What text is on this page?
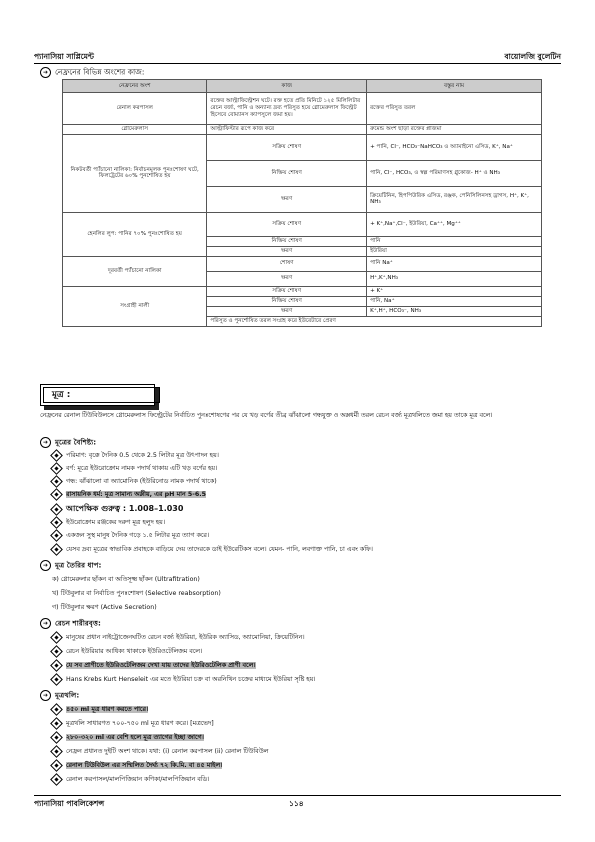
প্যানাসিয়া সাপ্লিমেন্ট	বায়োলজি বুলেটিন
➜ নেফ্রনের বিভিন্ন অংশের কাজ:
নেফ্রনের অংশ	কাজ	বস্তুর নাম
রেনাল করপাসল	রক্তের আল্ট্রাফিল্ট্রেশন ঘটে। রক্ত হতে প্রতি মিনিটে ১২৫ মিলিলিটার রেচন বর্জ্য, পানি ও অন্যান্য দ্রব্য পরিসুত হয়ে গ্লোমেরুলাস ফিল্ট্রেট হিসেবে বোম্যানস ক্যাপসুলে জমা হয়।	রক্তের পরিসুত তরল
গ্লোমেরুলাস	আল্ট্রাফিল্টার রূপে কাজ করে	রুমেন্ড অংশ ছাড়া রক্তের প্লাজমা
নিকটবর্তী প্যাঁচানো নালিকা: নির্বাচনমূলক পুনঃশোষণ ঘটে, ফিলট্রেটের ৬০% পুনশোষিত হয়	সক্রিয় শোষণ	+ পানি, Cl⁻, HCO₃⁻NaHCO₃ ও অ্যামাইনো এসিড, K⁺, Na⁺
	নিষ্ক্রিয় শোষণ	পানি, Cl⁻, HCO₃, ও স্বল্প পরিমাণসহ গ্লুকোজ- H⁺ ও NH₃
	ক্ষরণ	ক্রিয়েটিনিন, হিপপিউরিক এসিড, রঞ্জক, পেনিসিলিনসহ ড্রাগস, H⁺, K⁺, NH₃
হেনলির লুপ: পানির ৭০% পুনঃশোষিত হয়	সক্রিয় শোষণ	+ K⁺,Na⁺,Cl⁻, ইউরিয়া, Ca⁺⁺, Mg⁺⁺
	নিষ্ক্রিয় শোষণ	পানি
	ক্ষরণ	ইউরিয়া
দূরবর্তী প্যাঁচানো নালিকা	শোষণ	পানি Na⁺
	ক্ষরণ	H⁺,K⁺,NH₃
সংগ্রাহী নালী	সক্রিয় শোষণ	+ K⁺
	নিষ্ক্রিয় শোষণ	পানি, Na⁺
	ক্ষরণ	K⁺,H⁺, HCO₃⁻, NH₃
	পরিসুত ও পুনর্শোষিত তরল সংগ্রহ করে ইউরেটারে প্রেরণ	
মূত্র :
নেফ্রনের রেনাল টিউবিউলসে গ্লোমেরুলাস ফিল্ট্রেটের নির্বাচিত পুনঃশোষণের পর যে খড় বর্ণের তীব্র ঝাঁঝালো গন্ধযুক্ত ও অম্লধর্মী তরল রেচন বর্জ্য মূত্রথলিতে জমা হয় তাকে মূত্র বলে।
➜ মূত্রের বৈশিষ্ট্য:
পরিমাণ: বৃক্কে দৈনিক 0.5 থেকে 2.5 লিটার মূত্র উৎপাদন হয়।
বর্ণ: মূত্রে ইউরোক্রোম নামক পদার্থ থাকায় এটি খড় বর্ণের হয়।
গন্ধ: ঝাঁঝালো বা অ্যামোনিক (ইউরিনোড নামক পদার্থ থাকে)
রাসায়নিক ধর্ম: মূত্র সামান্য অম্লীয়, এর pH মান 5-6.5
আপেক্ষিক গুরুত্ব : 1.008–1.030
ইউরোক্রোম রঞ্জকের দরুণ মূত্র হলুদ হয়।
একজন সুস্থ মানুষ দৈনিক গড়ে ১.৫ লিটার মূত্র ত্যাগ করে।
যেসব দ্রব্য মূত্রের স্বাভাবিক প্রবাহকে বাড়িয়ে দেয় তাদেরকে ডাই ইউরেটিকস বলে। যেমন- পানি, লবণাক্ত পানি, চা এবং কফি।
➜ মূত্র তৈরির ধাপ:
ক) গ্লোমেরুলার ছাঁকন বা অতিসূক্ষ্ম ছাঁকন (Ultrafitration)
খ) টিউবুলার বা নির্বাচিত পুনঃশোষণ (Selective reabsorption)
গ) টিউবুলার ক্ষরণ (Active Secretion)
➜ রেচন শারীরবৃত্ত:
মানুষের প্রধান নাইট্রোজেনঘটিত রেচন বর্জ্য ইউরিয়া, ইউরিক অ্যাসিড, অ্যামোনিয়া, ক্রিয়েটিনিন।
রেচন ইউরিয়ার আধিক্য থাকাকে ইউরিওটেলিজম বলে।
যে সব প্রাণীতে ইউরিওটেলিজম দেখা যায় তাদের ইউরিওটেলিক প্রাণী বলে।
Hans Krebs Kurt Henseleit এর মতে ইউরিয়া চক্র বা অরনিথিন চক্রের মাধ্যমে ইউরিয়া সৃষ্টি হয়।
➜ মূত্রথলি:
৪৫০ ml মূত্র ধারণ করতে পারে।
মূত্রথলি সাধারণত ৭০০-৭৫০ ml মূত্র ধারণ করে। [মত্রভেদ]
২৮০-৩২০ ml এর বেশি হলে মূত্র ত্যাগের ইচ্ছা জাগে।
নেফ্রন প্রধানত দুইটি অংশ থাকে। যথা: (i) রেনাল করপাসল (ii) রেনাল টিউবিউল
রেনাল টিউবিউল এর সম্মিলিত দৈর্ঘ্য ৭২ কি.মি. বা ৪৫ মাইল।
রেনাল করপাসল/মালপিজিয়ান কণিকা/মালপিজিয়ান বডি।
প্যানাসিয়া পাবলিকেশন্স	১১৪
